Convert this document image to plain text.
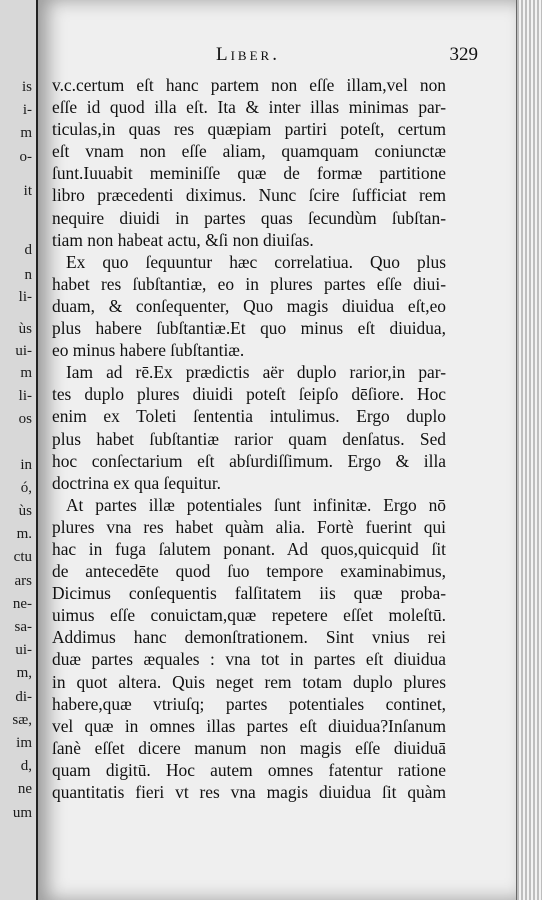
is
i-
m
o-
it
d
n
li-
ùs
ui-
m
li-
os
in
ó,
ùs
m.
ctu
ars
ne-
sa-
ui-
m,
di-
sæ,
im
d,
ne
um
Liber.	329
v.c.certum eſt hanc partem non eſſe illam,vel non
eſſe id quod illa eſt. Ita & inter illas minimas par-
ticulas,in quas res quæpiam partiri poteſt, certum
eſt vnam non eſſe aliam, quamquam coniunctæ
ſunt.Iuuabit meminiſſe quæ de formæ partitione
libro præcedenti diximus. Nunc ſcire ſufficiat rem
nequire diuidi in partes quas ſecundùm ſubſtan-
tiam non habeat actu, &ſi non diuiſas.
Ex quo ſequuntur hæc correlatiua. Quo plus
habet res ſubſtantiæ, eo in plures partes eſſe diui-
duam, & conſequenter, Quo magis diuidua eſt,eo
plus habere ſubſtantiæ.Et quo minus eſt diuidua,
eo minus habere ſubſtantiæ.
Iam ad rē.Ex prædictis aër duplo rarior,in par-
tes duplo plures diuidi poteſt ſeipſo dēſiore. Hoc
enim ex Toleti ſententia intulimus. Ergo duplo
plus habet ſubſtantiæ rarior quam denſatus. Sed
hoc conſectarium eſt abſurdiſſimum. Ergo & illa
doctrina ex qua ſequitur.
At partes illæ potentiales ſunt infinitæ. Ergo nō
plures vna res habet quàm alia. Fortè fuerint qui
hac in fuga ſalutem ponant. Ad quos,quicquid ſit
de antecedēte quod ſuo tempore examinabimus,
Dicimus conſequentis falſitatem iis quæ proba-
uimus eſſe conuictam,quæ repetere eſſet moleſtū.
Addimus hanc demonſtrationem. Sint vnius rei
duæ partes æquales : vna tot in partes eſt diuidua
in quot altera. Quis neget rem totam duplo plures
habere,quæ vtriuſq; partes potentiales continet,
vel quæ in omnes illas partes eſt diuidua?Inſanum
ſanè eſſet dicere manum non magis eſſe diuiduā
quam digitū. Hoc autem omnes fatentur ratione
quantitatis fieri vt res vna magis diuidua ſit quàm
